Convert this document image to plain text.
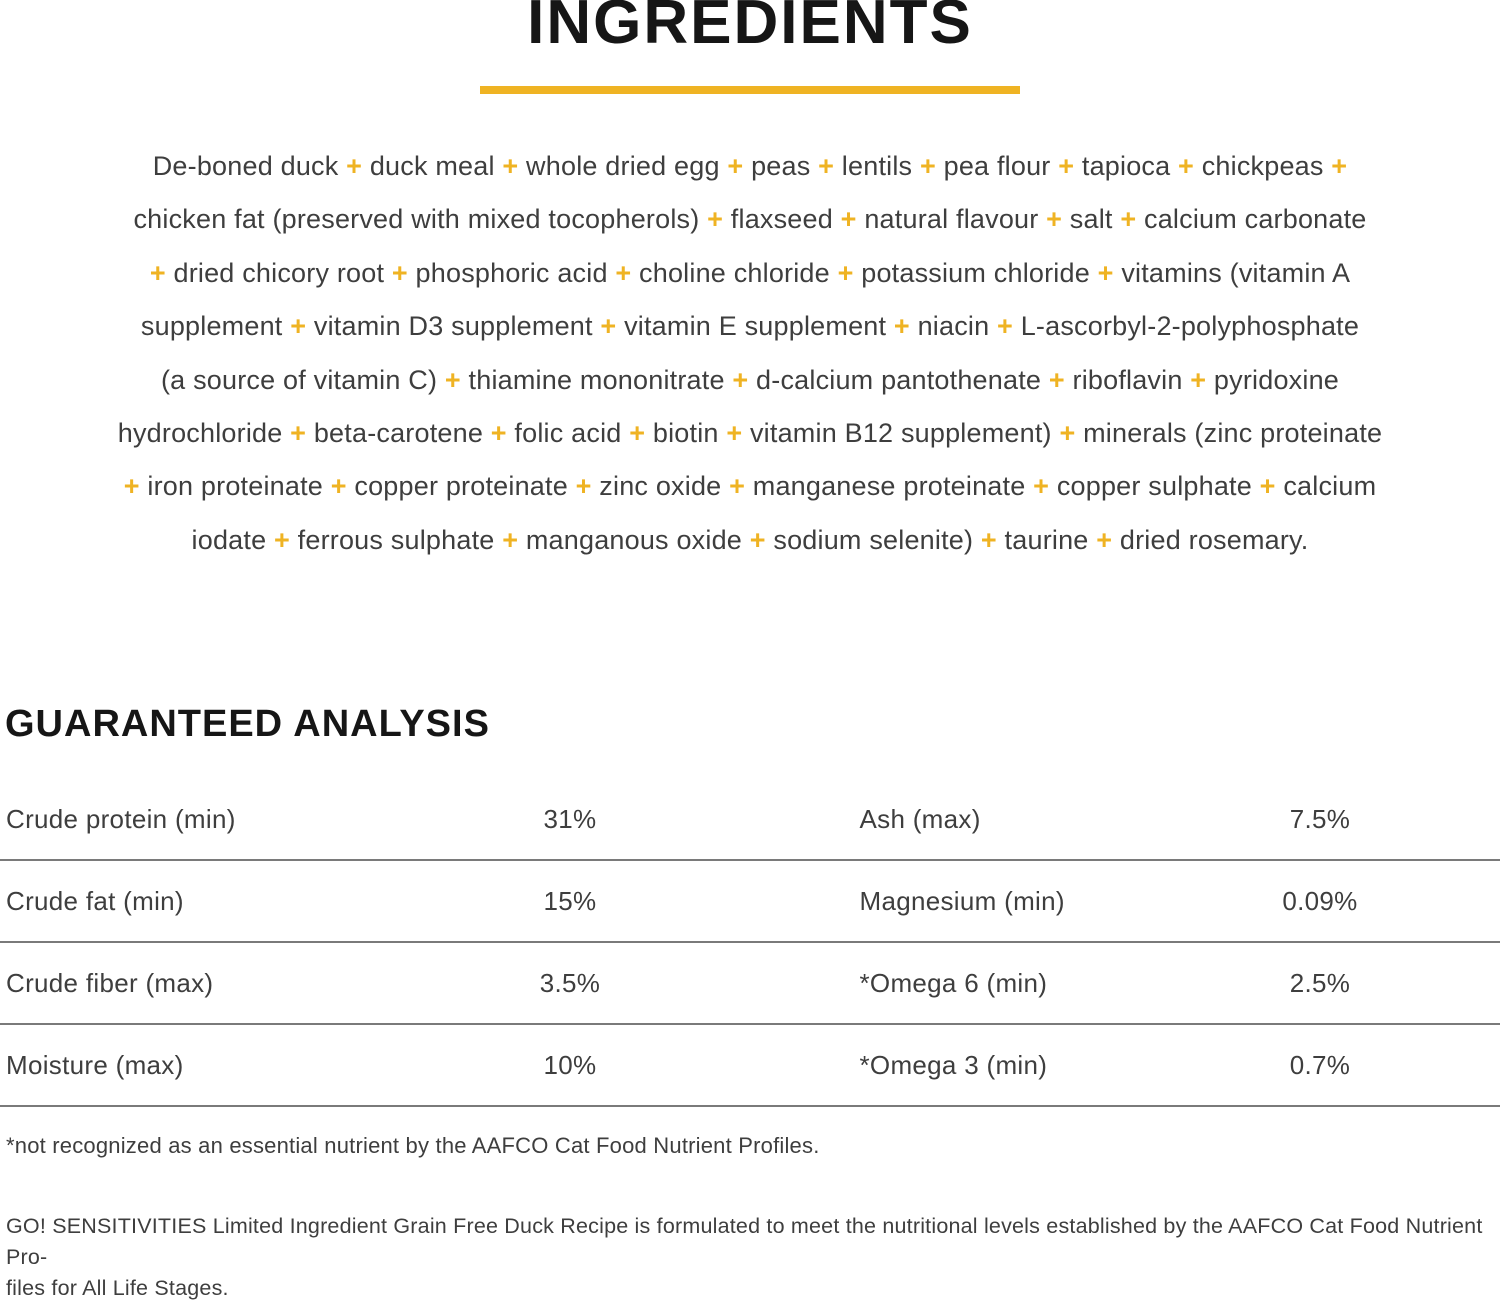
INGREDIENTS
De-boned duck + duck meal + whole dried egg + peas + lentils + pea flour + tapioca + chickpeas +
chicken fat (preserved with mixed tocopherols) + flaxseed + natural flavour + salt + calcium carbonate
+ dried chicory root + phosphoric acid + choline chloride + potassium chloride + vitamins (vitamin A
supplement + vitamin D3 supplement + vitamin E supplement + niacin + L-ascorbyl-2-polyphosphate
(a source of vitamin C) + thiamine mononitrate + d-calcium pantothenate + riboflavin + pyridoxine
hydrochloride + beta-carotene + folic acid + biotin + vitamin B12 supplement) + minerals (zinc proteinate
+ iron proteinate + copper proteinate + zinc oxide + manganese proteinate + copper sulphate + calcium
iodate + ferrous sulphate + manganous oxide + sodium selenite) + taurine + dried rosemary.
GUARANTEED ANALYSIS
Crude protein (min)	31%	Ash (max)	7.5%
Crude fat (min)	15%	Magnesium (min)	0.09%
Crude fiber (max)	3.5%	*Omega 6 (min)	2.5%
Moisture (max)	10%	*Omega 3 (min)	0.7%

*not recognized as an essential nutrient by the AAFCO Cat Food Nutrient Profiles.

GO! SENSITIVITIES Limited Ingredient Grain Free Duck Recipe is formulated to meet the nutritional levels established by the AAFCO Cat Food Nutrient Pro-
files for All Life Stages.
